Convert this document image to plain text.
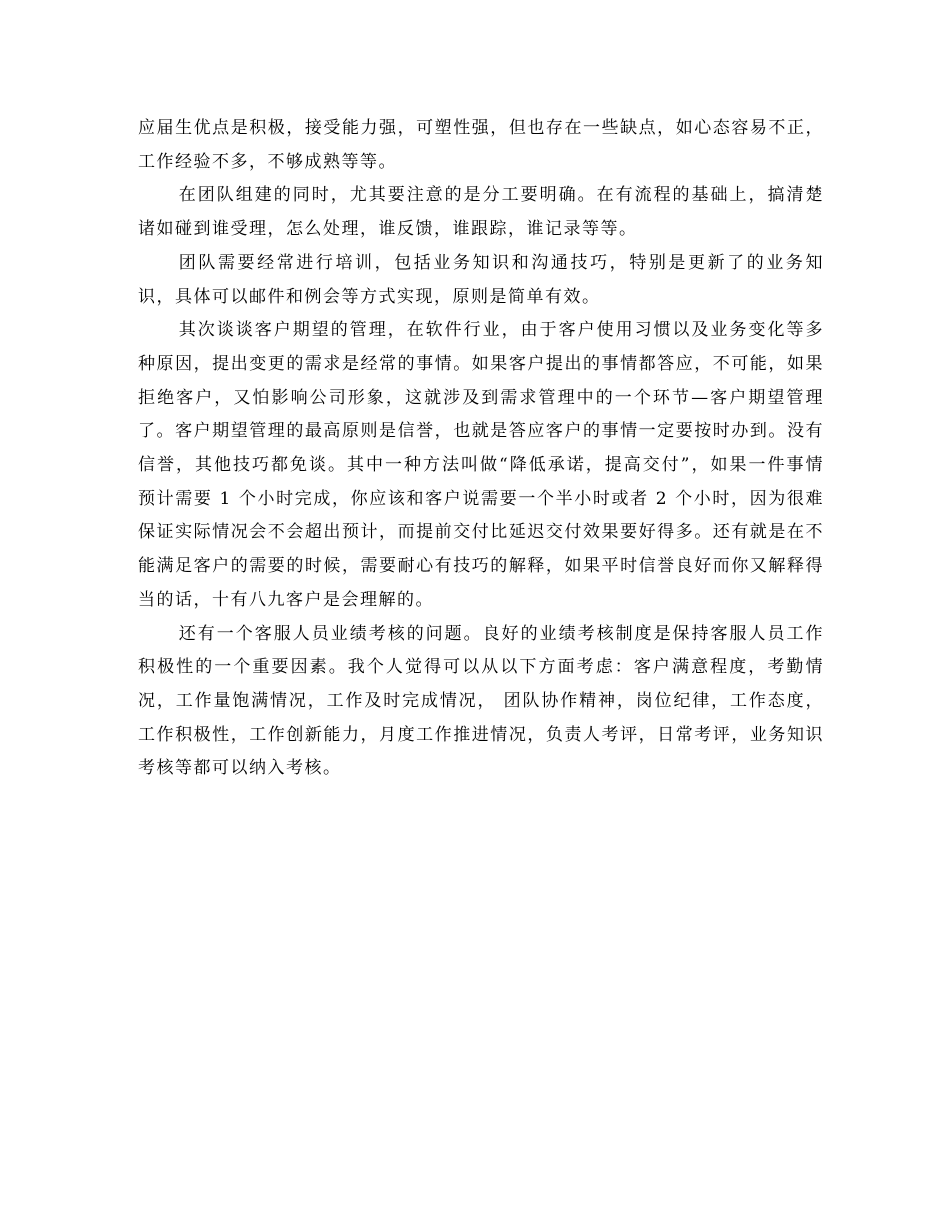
应届生优点是积极，接受能力强，可塑性强，但也存在一些缺点，如心态容易不正，工作经验不多，不够成熟等等。

在团队组建的同时，尤其要注意的是分工要明确。在有流程的基础上，搞清楚诸如碰到谁受理，怎么处理，谁反馈，谁跟踪，谁记录等等。

团队需要经常进行培训，包括业务知识和沟通技巧，特别是更新了的业务知识，具体可以邮件和例会等方式实现，原则是简单有效。

其次谈谈客户期望的管理，在软件行业，由于客户使用习惯以及业务变化等多种原因，提出变更的需求是经常的事情。如果客户提出的事情都答应，不可能，如果拒绝客户，又怕影响公司形象，这就涉及到需求管理中的一个环节—客户期望管理了。客户期望管理的最高原则是信誉，也就是答应客户的事情一定要按时办到。没有信誉，其他技巧都免谈。其中一种方法叫做“降低承诺，提高交付”，如果一件事情预计需要 1 个小时完成，你应该和客户说需要一个半小时或者 2 个小时，因为很难保证实际情况会不会超出预计，而提前交付比延迟交付效果要好得多。还有就是在不能满足客户的需要的时候，需要耐心有技巧的解释，如果平时信誉良好而你又解释得当的话，十有八九客户是会理解的。

还有一个客服人员业绩考核的问题。良好的业绩考核制度是保持客服人员工作积极性的一个重要因素。我个人觉得可以从以下方面考虑：客户满意程度，考勤情况，工作量饱满情况，工作及时完成情况， 团队协作精神，岗位纪律，工作态度，工作积极性，工作创新能力，月度工作推进情况，负责人考评，日常考评，业务知识考核等都可以纳入考核。
